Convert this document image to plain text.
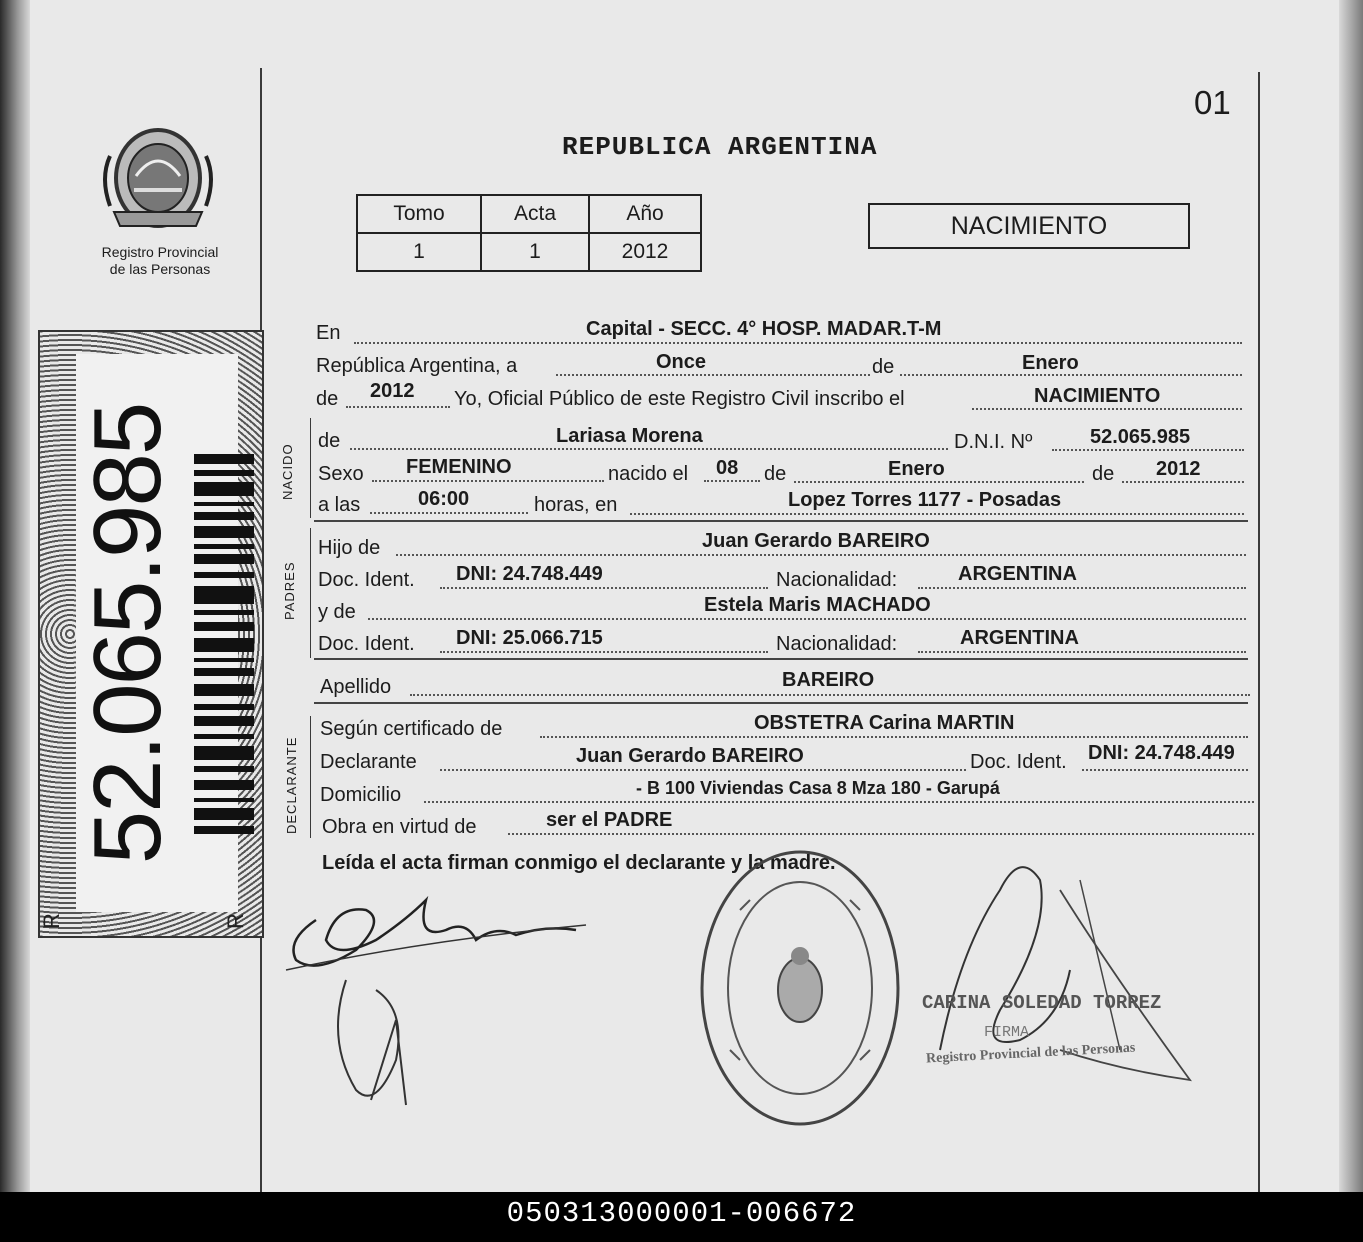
Registro Provincial
de las Personas
52.065.985
R	R
01
REPUBLICA ARGENTINA
Tomo	Acta	Año
1	1	2012
NACIMIENTO
En	Capital - SECC. 4° HOSP. MADAR.T-M
República Argentina, a	Once	de	Enero
de 2012 Yo, Oficial Público de este Registro Civil inscribo el	NACIMIENTO
NACIDO
de	Lariasa Morena	D.N.I. Nº	52.065.985
Sexo FEMENINO	nacido el 08 de	Enero	de 2012
a las	06:00	horas, en	Lopez Torres 1177 - Posadas
PADRES
Hijo de	Juan Gerardo BAREIRO
Doc. Ident. DNI: 24.748.449	Nacionalidad:	ARGENTINA
y de	Estela Maris MACHADO
Doc. Ident. DNI: 25.066.715	Nacionalidad:	ARGENTINA
Apellido	BAREIRO
DECLARANTE
Según certificado de	OBSTETRA Carina MARTIN
Declarante	Juan Gerardo BAREIRO	Doc. Ident. DNI: 24.748.449
Domicilio	- B 100 Viviendas Casa 8 Mza 180 - Garupá
Obra en virtud de	ser el PADRE
Leída el acta firman conmigo el declarante y la madre.
CARINA SOLEDAD TORREZ
FIRMA
Registro Provincial de las Personas
050313000001-006672
